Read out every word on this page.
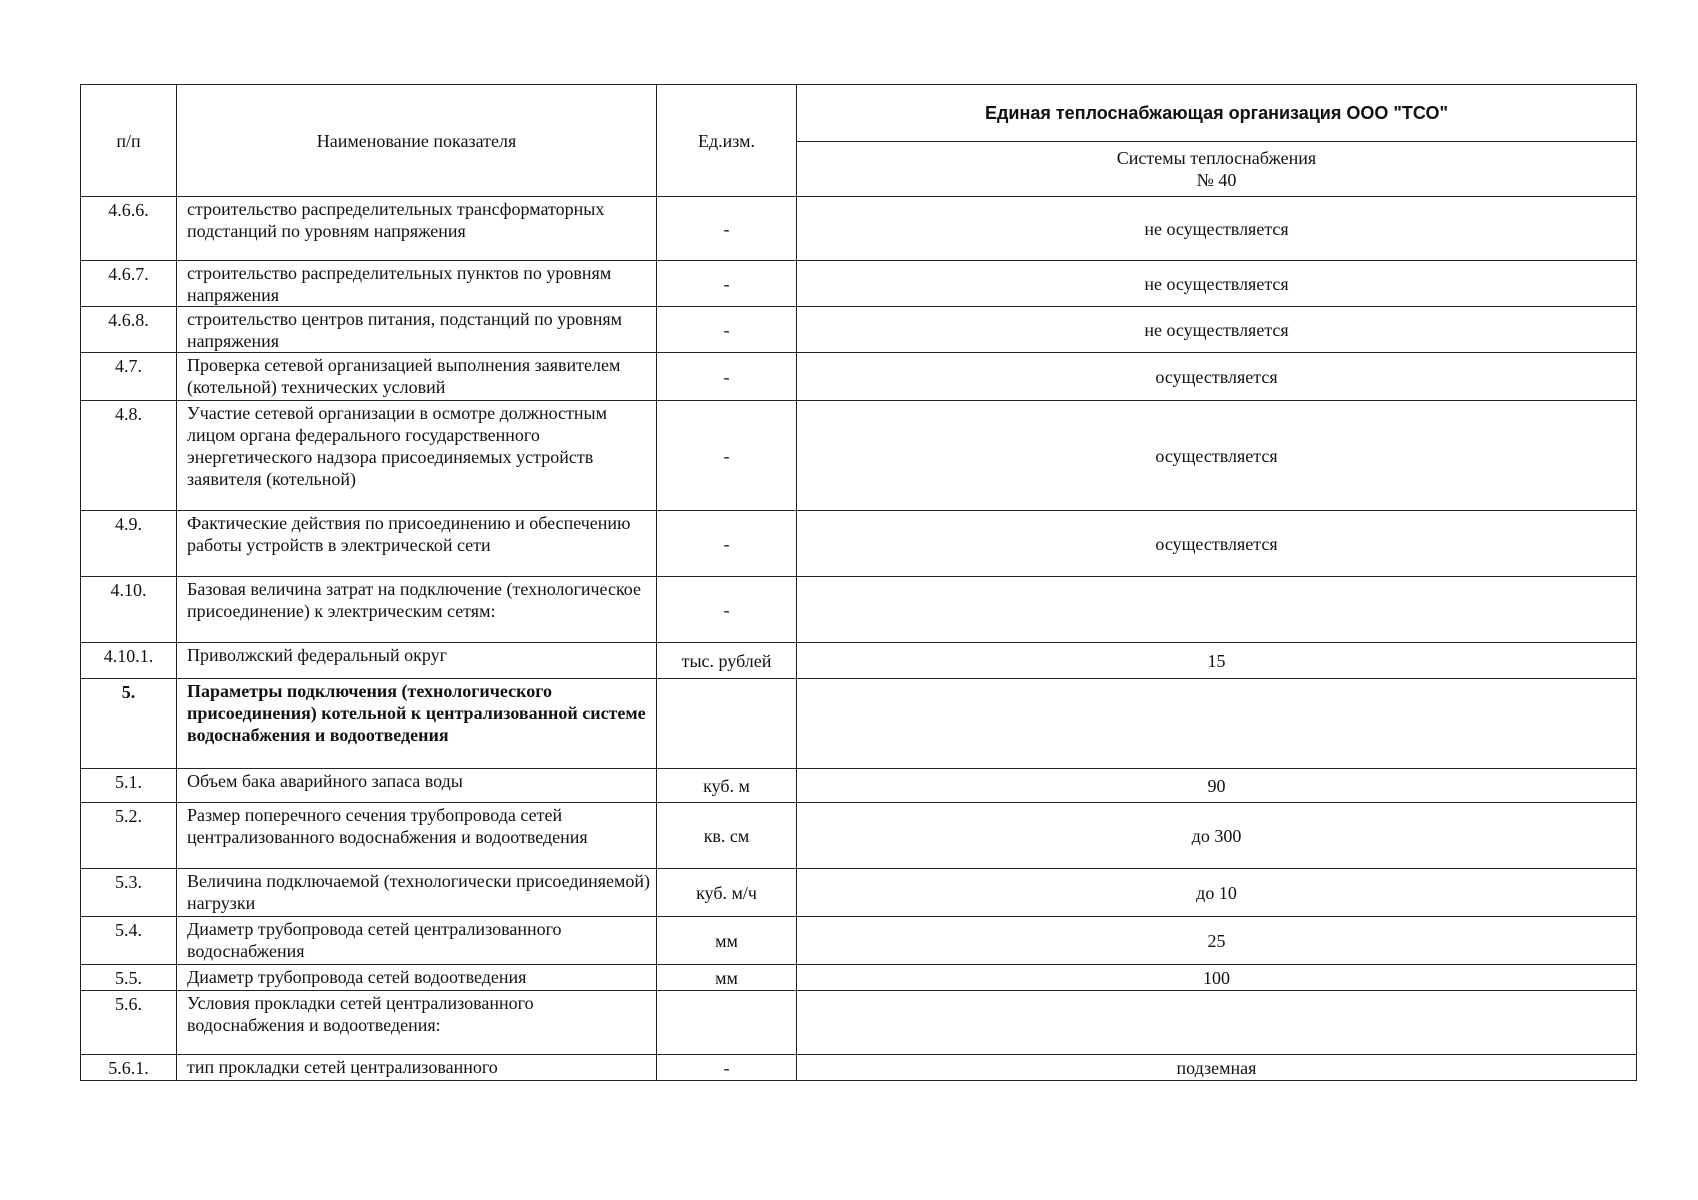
п/п	Наименование показателя	Ед.изм.	Единая теплоснабжающая организация ООО "ТСО"

			Системы теплоснабжения
№ 40

4.6.6.	строительство распределительных трансформаторных подстанций по уровням напряжения	-	не осуществляется
4.6.7.	строительство распределительных пунктов по уровням напряжения	-	не осуществляется
4.6.8.	строительство центров питания, подстанций по уровням напряжения	-	не осуществляется
4.7.	Проверка сетевой организацией выполнения заявителем (котельной) технических условий	-	осуществляется
4.8.	Участие сетевой организации в осмотре должностным лицом органа федерального государственного энергетического надзора присоединяемых устройств заявителя (котельной)	-	осуществляется
4.9.	Фактические действия по присоединению и обеспечению работы устройств в электрической сети	-	осуществляется
4.10.	Базовая величина затрат на подключение (технологическое присоединение) к электрическим сетям:	-	
4.10.1.	Приволжский федеральный округ	тыс. рублей	15
5.	Параметры подключения (технологического присоединения) котельной к централизованной системе водоснабжения и водоотведения		
5.1.	Объем бака аварийного запаса воды	куб. м	90
5.2.	Размер поперечного сечения трубопровода сетей централизованного водоснабжения и водоотведения	кв. см	до 300
5.3.	Величина подключаемой (технологически присоединяемой) нагрузки	куб. м/ч	до 10
5.4.	Диаметр трубопровода сетей централизованного водоснабжения	мм	25
5.5.	Диаметр трубопровода сетей водоотведения	мм	100
5.6.	Условия прокладки сетей централизованного водоснабжения и водоотведения:		
5.6.1.	тип прокладки сетей централизованного	-	подземная
